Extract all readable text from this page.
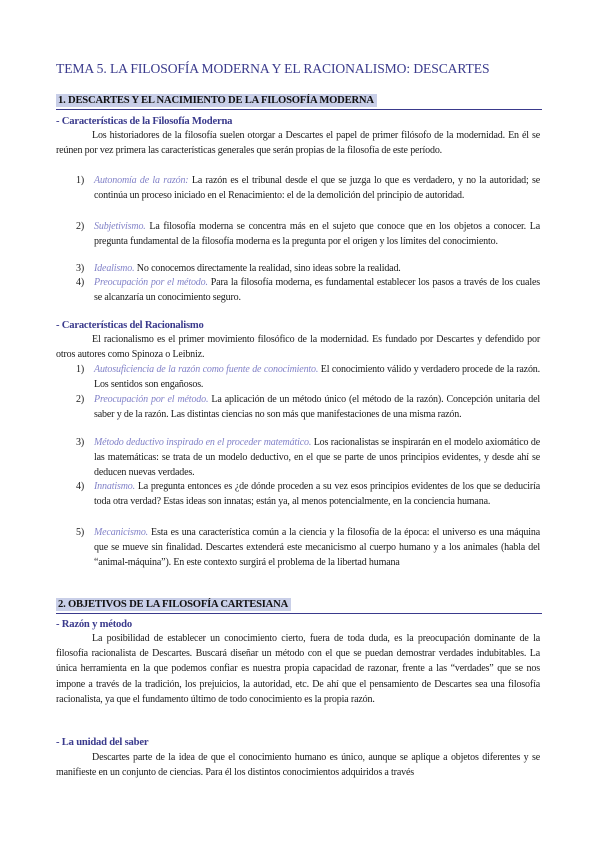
TEMA 5. LA FILOSOFÍA MODERNA Y EL RACIONALISMO: DESCARTES
1. DESCARTES Y EL NACIMIENTO DE LA FILOSOFÍA MODERNA
- Características de la Filosofía Moderna
Los historiadores de la filosofía suelen otorgar a Descartes el papel de primer filósofo de la modernidad. En él se reúnen por vez primera las características generales que serán propias de la filosofía de este período.
1) Autonomía de la razón: La razón es el tribunal desde el que se juzga lo que es verdadero, y no la autoridad; se continúa un proceso iniciado en el Renacimiento: el de la demolición del principio de autoridad.
2) Subjetivismo. La filosofía moderna se concentra más en el sujeto que conoce que en los objetos a conocer. La pregunta fundamental de la filosofía moderna es la pregunta por el origen y los límites del conocimiento.
3) Idealismo. No conocemos directamente la realidad, sino ideas sobre la realidad.
4) Preocupación por el método. Para la filosofía moderna, es fundamental establecer los pasos a través de los cuales se alcanzaría un conocimiento seguro.
- Características del Racionalismo
El racionalismo es el primer movimiento filosófico de la modernidad. Es fundado por Descartes y defendido por otros autores como Spinoza o Leibniz.
1) Autosuficiencia de la razón como fuente de conocimiento. El conocimiento válido y verdadero procede de la razón. Los sentidos son engañosos.
2) Preocupación por el método. La aplicación de un método único (el método de la razón). Concepción unitaria del saber y de la razón. Las distintas ciencias no son más que manifestaciones de una misma razón.
3) Método deductivo inspirado en el proceder matemático. Los racionalistas se inspirarán en el modelo axiomático de las matemáticas: se trata de un modelo deductivo, en el que se parte de unos principios evidentes, y desde ahí se deducen nuevas verdades.
4) Innatismo. La pregunta entonces es ¿de dónde proceden a su vez esos principios evidentes de los que se deduciría toda otra verdad? Estas ideas son innatas; están ya, al menos potencialmente, en la conciencia humana.
5) Mecanicismo. Esta es una característica común a la ciencia y la filosofía de la época: el universo es una máquina que se mueve sin finalidad. Descartes extenderá este mecanicismo al cuerpo humano y a los animales (habla del “animal-máquina”). En este contexto surgirá el problema de la libertad humana
2. OBJETIVOS DE LA FILOSOFÍA CARTESIANA
- Razón y método
La posibilidad de establecer un conocimiento cierto, fuera de toda duda, es la preocupación dominante de la filosofía racionalista de Descartes. Buscará diseñar un método con el que se puedan demostrar verdades indubitables. La única herramienta en la que podemos confiar es nuestra propia capacidad de razonar, frente a las “verdades” que se nos impone a través de la tradición, los prejuicios, la autoridad, etc. De ahí que el pensamiento de Descartes sea una filosofía racionalista, ya que el fundamento último de todo conocimiento es la propia razón.
- La unidad del saber
Descartes parte de la idea de que el conocimiento humano es único, aunque se aplique a objetos diferentes y se manifieste en un conjunto de ciencias. Para él los distintos conocimientos adquiridos a través
